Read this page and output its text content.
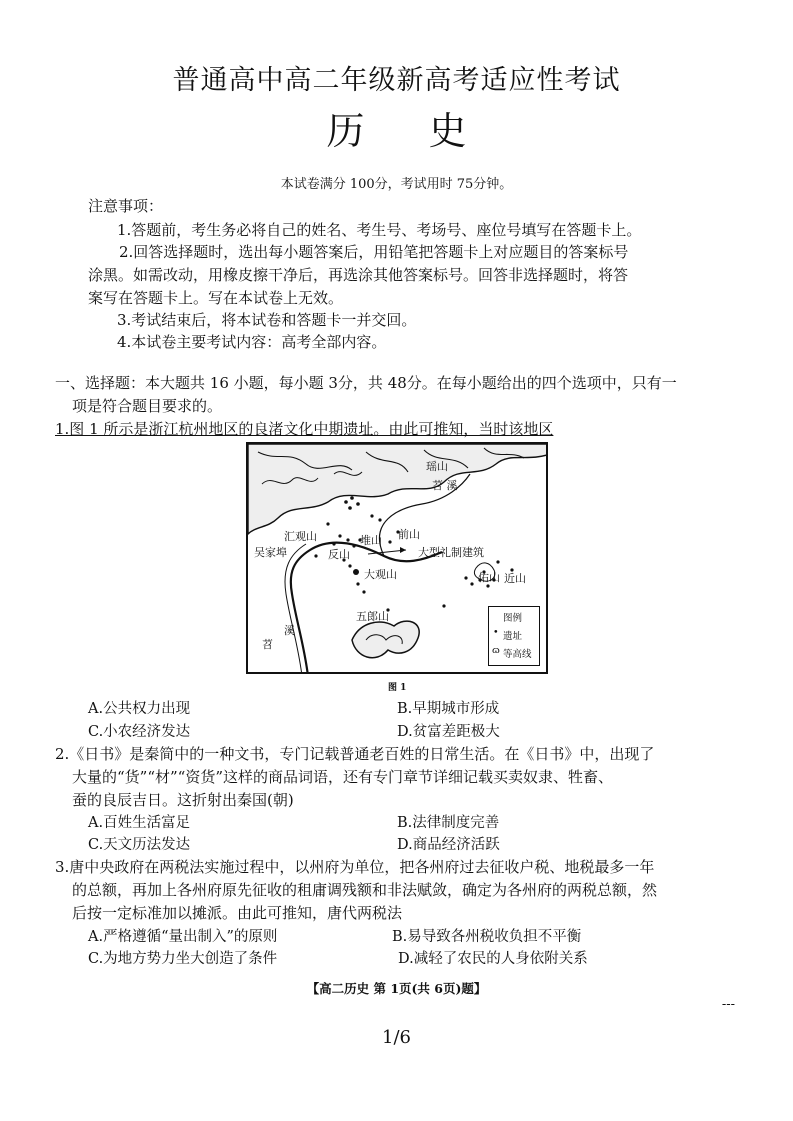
普通高中高二年级新高考适应性考试
历史
本试卷满分 100分，考试用时 75分钟。
注意事项：
1.答题前，考生务必将自己的姓名、考生号、考场号、座位号填写在答题卡上。
2.回答选择题时，选出每小题答案后，用铅笔把答题卡上对应题目的答案标号
涂黑。如需改动，用橡皮擦干净后，再选涂其他答案标号。回答非选择题时，将答
案写在答题卡上。写在本试卷上无效。
3.考试结束后，将本试卷和答题卡一并交回。
4.本试卷主要考试内容：高考全部内容。
一、选择题：本大题共 16 小题，每小题 3分，共 48分。在每小题给出的四个选项中，只有一
项是符合题目要求的。
1.图 1 所示是浙江杭州地区的良渚文化中期遗址。由此可推知，当时该地区
瑶山
苕 溪
汇观山	堆山 前山
吴家埠	反山	大型礼制建筑
大观山	佑山 近山
五郎山
溪
苕
图例
• 遗址
ɷ 等高线
图 1
A.公共权力出现	B.早期城市形成
C.小农经济发达	D.贫富差距极大
2.《日书》是秦简中的一种文书，专门记载普通老百姓的日常生活。在《日书》中，出现了
大量的“货”“材”“资货”这样的商品词语，还有专门章节详细记载买卖奴隶、牲畜、
蚕的良辰吉日。这折射出秦国(朝)
A.百姓生活富足	B.法律制度完善
C.天文历法发达	D.商品经济活跃
3.唐中央政府在两税法实施过程中，以州府为单位，把各州府过去征收户税、地税最多一年
的总额，再加上各州府原先征收的租庸调残额和非法赋敛，确定为各州府的两税总额，然
后按一定标准加以摊派。由此可推知，唐代两税法
A.严格遵循“量出制入”的原则	B.易导致各州税收负担不平衡
C.为地方势力坐大创造了条件	D.减轻了农民的人身依附关系
【高二历史 第 1页(共 6页)题】
---
1/6
